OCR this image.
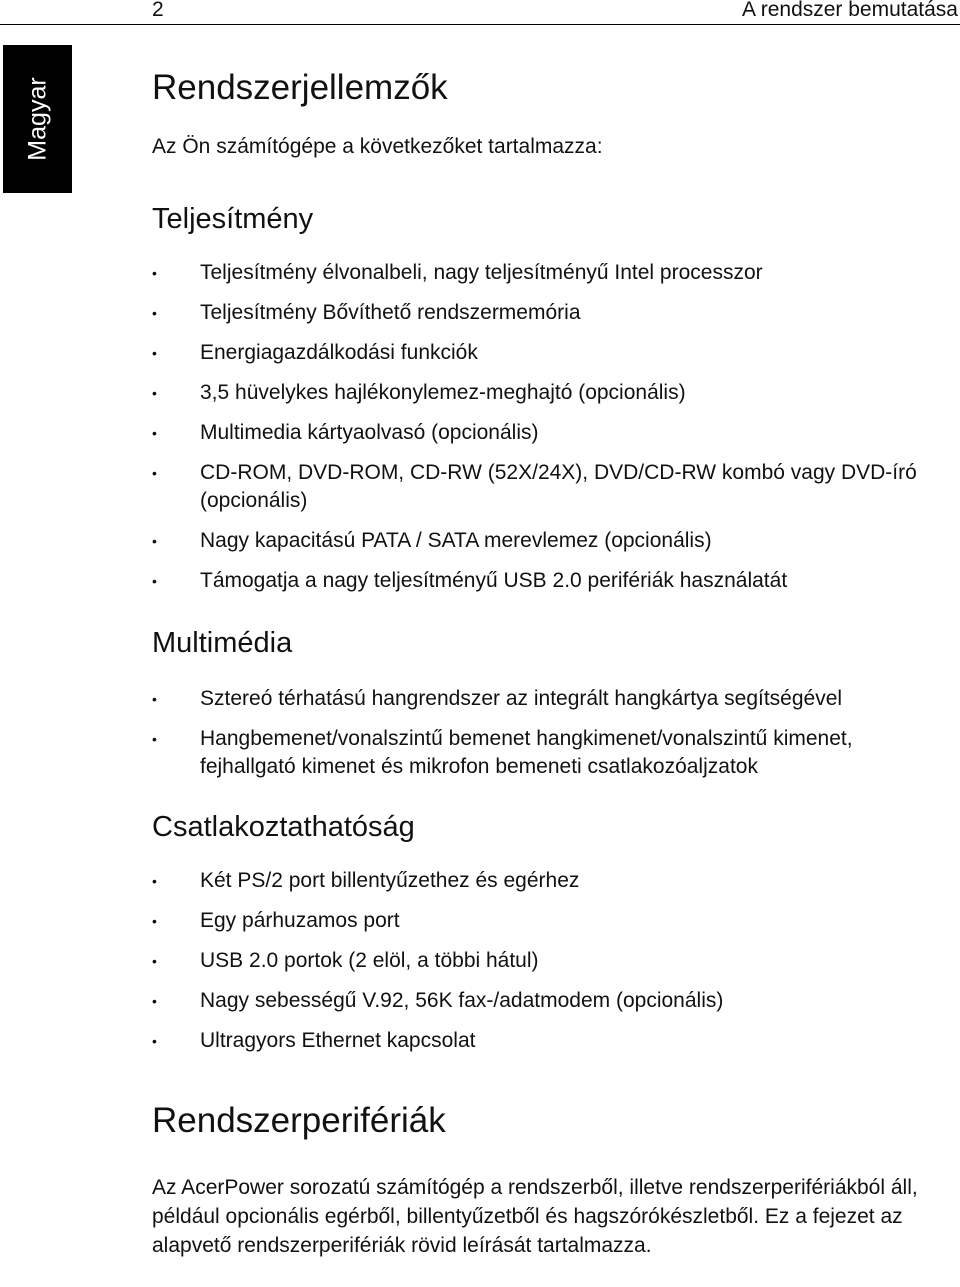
2	A rendszer bemutatása
Magyar	Rendszerjellemzők

Az Ön számítógépe a következőket tartalmazza:

Teljesítmény
• Teljesítmény élvonalbeli, nagy teljesítményű Intel processzor
• Teljesítmény Bővíthető rendszermemória
• Energiagazdálkodási funkciók
• 3,5 hüvelykes hajlékonylemez-meghajtó (opcionális)
• Multimedia kártyaolvasó (opcionális)
• CD-ROM, DVD-ROM, CD-RW (52X/24X), DVD/CD-RW kombó vagy DVD-író (opcionális)
• Nagy kapacitású PATA / SATA merevlemez (opcionális)
• Támogatja a nagy teljesítményű USB 2.0 perifériák használatát
Multimédia
• Sztereó térhatású hangrendszer az integrált hangkártya segítségével
• Hangbemenet/vonalszintű bemenet hangkimenet/vonalszintű kimenet, fejhallgató kimenet és mikrofon bemeneti csatlakozóaljzatok
Csatlakoztathatóság
• Két PS/2 port billentyűzethez és egérhez
• Egy párhuzamos port
• USB 2.0 portok (2 elöl, a többi hátul)
• Nagy sebességű V.92, 56K fax-/adatmodem (opcionális)
• Ultragyors Ethernet kapcsolat
Rendszerperifériák

Az AcerPower sorozatú számítógép a rendszerből, illetve rendszerperifériákból áll, például opcionális egérből, billentyűzetből és hagszórókészletből. Ez a fejezet az alapvető rendszerperifériák rövid leírását tartalmazza.
